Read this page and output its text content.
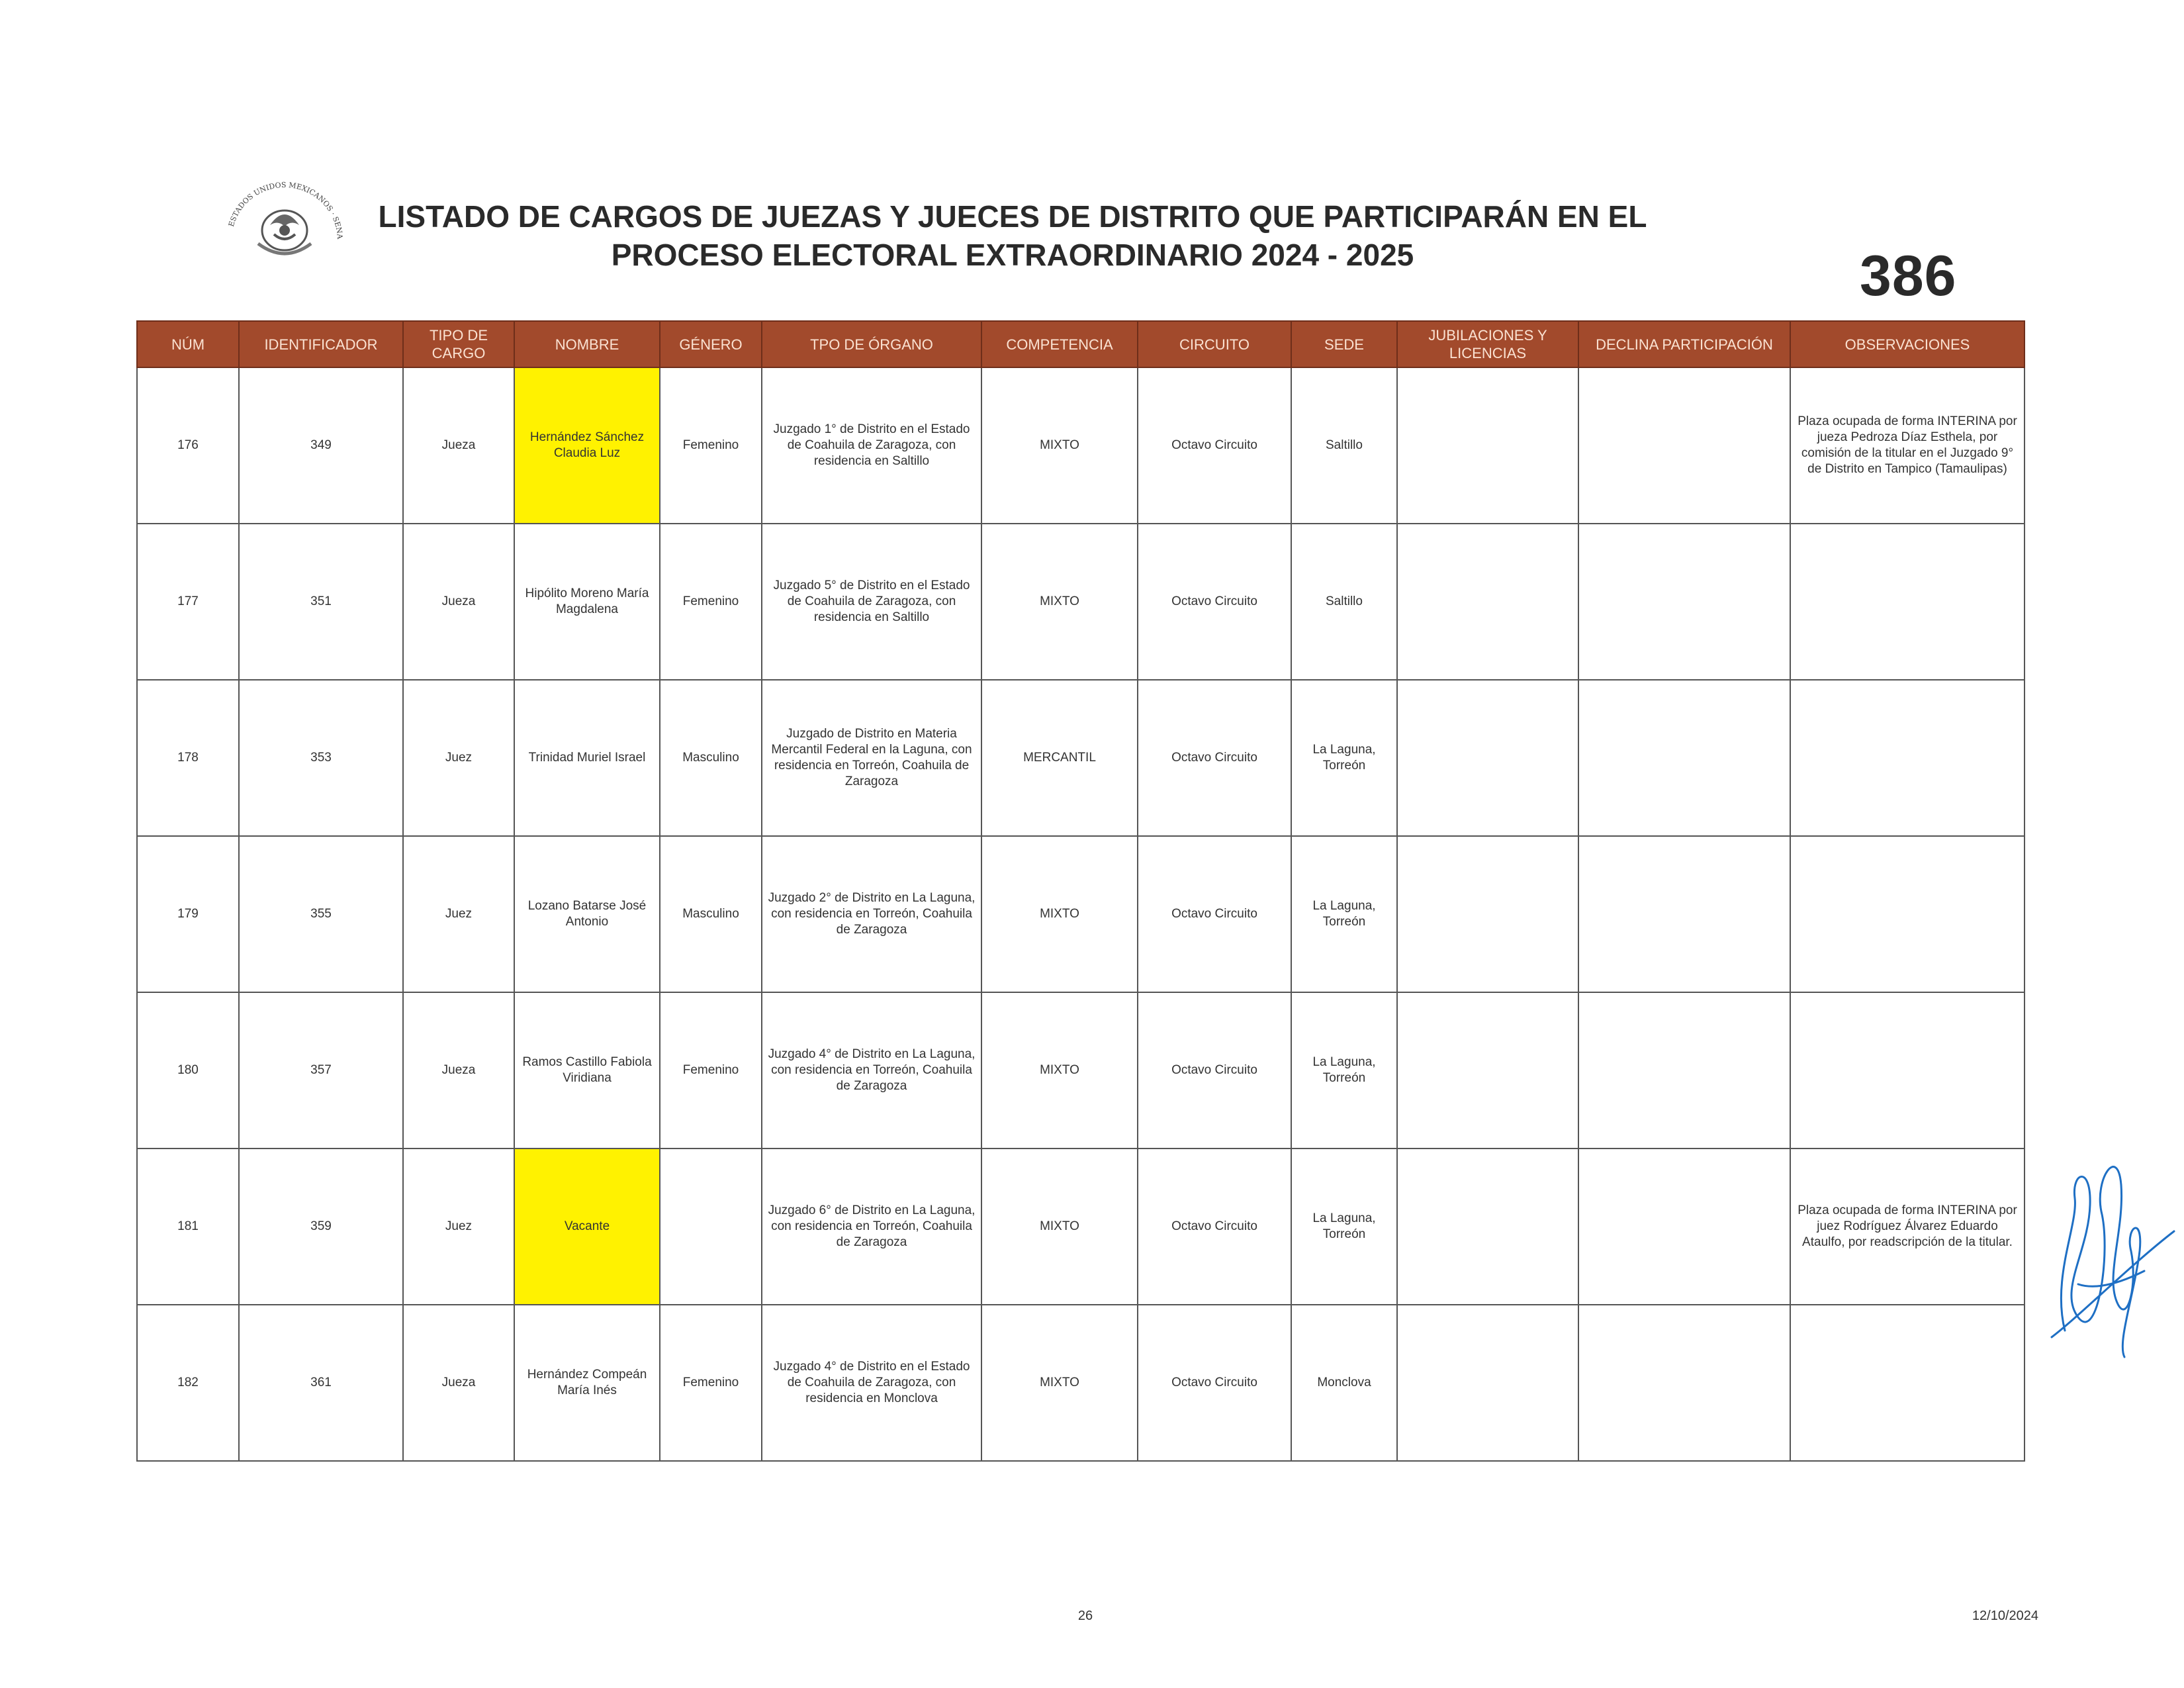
ESTADOS UNIDOS MEXICANOS · SENA
LISTADO DE CARGOS DE JUEZAS Y JUECES DE DISTRITO QUE PARTICIPARÁN EN EL
PROCESO ELECTORAL EXTRAORDINARIO 2024 - 2025	386
NÚM	IDENTIFICADOR	TIPO DE CARGO	NOMBRE	GÉNERO	TPO DE ÓRGANO	COMPETENCIA	CIRCUITO	SEDE	JUBILACIONES Y LICENCIAS	DECLINA PARTICIPACIÓN	OBSERVACIONES
176	349	Jueza	Hernández Sánchez Claudia Luz	Femenino	Juzgado 1° de Distrito en el Estado de Coahuila de Zaragoza, con residencia en Saltillo	MIXTO	Octavo Circuito	Saltillo			Plaza ocupada de forma INTERINA por jueza Pedroza Díaz Esthela, por comisión de la titular en el Juzgado 9° de Distrito en Tampico (Tamaulipas)
177	351	Jueza	Hipólito Moreno María Magdalena	Femenino	Juzgado 5° de Distrito en el Estado de Coahuila de Zaragoza, con residencia en Saltillo	MIXTO	Octavo Circuito	Saltillo			
178	353	Juez	Trinidad Muriel Israel	Masculino	Juzgado de Distrito en Materia Mercantil Federal en la Laguna, con residencia en Torreón, Coahuila de Zaragoza	MERCANTIL	Octavo Circuito	La Laguna, Torreón			
179	355	Juez	Lozano Batarse José Antonio	Masculino	Juzgado 2° de Distrito en La Laguna, con residencia en Torreón, Coahuila de Zaragoza	MIXTO	Octavo Circuito	La Laguna, Torreón			
180	357	Jueza	Ramos Castillo Fabiola Viridiana	Femenino	Juzgado 4° de Distrito en La Laguna, con residencia en Torreón, Coahuila de Zaragoza	MIXTO	Octavo Circuito	La Laguna, Torreón			
181	359	Juez	Vacante		Juzgado 6° de Distrito en La Laguna, con residencia en Torreón, Coahuila de Zaragoza	MIXTO	Octavo Circuito	La Laguna, Torreón			Plaza ocupada de forma INTERINA por juez Rodríguez Álvarez Eduardo Ataulfo, por readscripción de la titular.
182	361	Jueza	Hernández Compeán María Inés	Femenino	Juzgado 4° de Distrito en el Estado de Coahuila de Zaragoza, con residencia en Monclova	MIXTO	Octavo Circuito	Monclova			
26	12/10/2024
